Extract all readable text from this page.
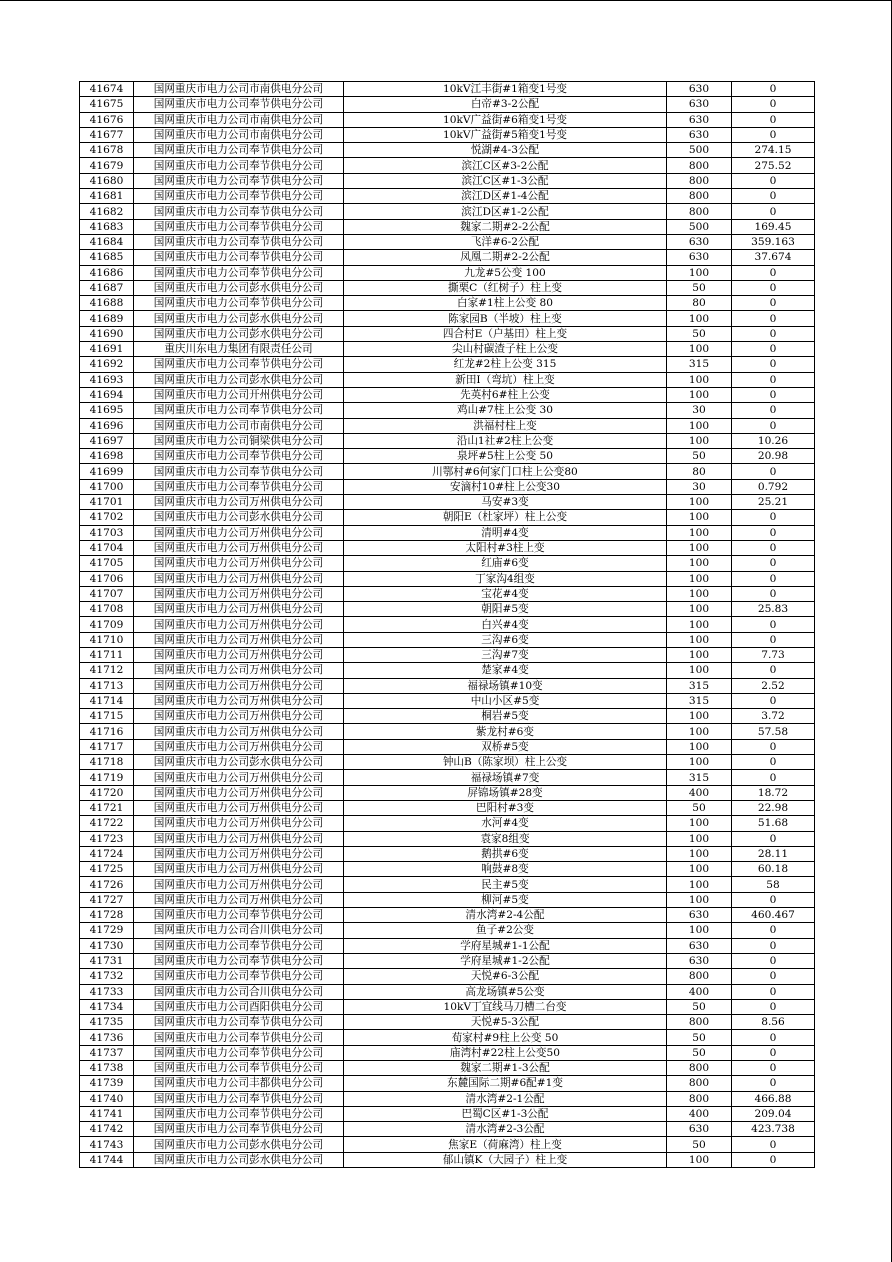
41674	国网重庆市电力公司市南供电分公司	10kV江丰街#1箱变1号变	630	0
41675	国网重庆市电力公司奉节供电分公司	白帝#3-2公配	630	0
41676	国网重庆市电力公司市南供电分公司	10kV广益街#6箱变1号变	630	0
41677	国网重庆市电力公司市南供电分公司	10kV广益街#5箱变1号变	630	0
41678	国网重庆市电力公司奉节供电分公司	悦湖#4-3公配	500	274.15
41679	国网重庆市电力公司奉节供电分公司	滨江C区#3-2公配	800	275.52
41680	国网重庆市电力公司奉节供电分公司	滨江C区#1-3公配	800	0
41681	国网重庆市电力公司奉节供电分公司	滨江D区#1-4公配	800	0
41682	国网重庆市电力公司奉节供电分公司	滨江D区#1-2公配	800	0
41683	国网重庆市电力公司奉节供电分公司	魏家二期#2-2公配	500	169.45
41684	国网重庆市电力公司奉节供电分公司	飞洋#6-2公配	630	359.163
41685	国网重庆市电力公司奉节供电分公司	凤凰二期#2-2公配	630	37.674
41686	国网重庆市电力公司奉节供电分公司	九龙#5公变 100	100	0
41687	国网重庆市电力公司彭水供电分公司	撕栗C（红树子）柱上变	50	0
41688	国网重庆市电力公司奉节供电分公司	白家#1柱上公变 80	80	0
41689	国网重庆市电力公司彭水供电分公司	陈家园B（半坡）柱上变	100	0
41690	国网重庆市电力公司彭水供电分公司	四合村E（户基田）柱上变	50	0
41691	重庆川东电力集团有限责任公司	尖山村碳渣子柱上公变	100	0
41692	国网重庆市电力公司奉节供电分公司	红龙#2柱上公变 315	315	0
41693	国网重庆市电力公司彭水供电分公司	新田I（弯坑）柱上变	100	0
41694	国网重庆市电力公司开州供电分公司	先英村6#柱上公变	100	0
41695	国网重庆市电力公司奉节供电分公司	鸡山#7柱上公变 30	30	0
41696	国网重庆市电力公司市南供电分公司	洪福村柱上变	100	0
41697	国网重庆市电力公司铜梁供电分公司	沿山1社#2柱上公变	100	10.26
41698	国网重庆市电力公司奉节供电分公司	泉坪#5柱上公变 50	50	20.98
41699	国网重庆市电力公司奉节供电分公司	川鄂村#6何家门口柱上公变80	80	0
41700	国网重庆市电力公司奉节供电分公司	安滴村10#柱上公变30	30	0.792
41701	国网重庆市电力公司万州供电分公司	马安#3变	100	25.21
41702	国网重庆市电力公司彭水供电分公司	朝阳E（杜家坪）柱上公变	100	0
41703	国网重庆市电力公司万州供电分公司	清明#4变	100	0
41704	国网重庆市电力公司万州供电分公司	太阳村#3柱上变	100	0
41705	国网重庆市电力公司万州供电分公司	红庙#6变	100	0
41706	国网重庆市电力公司万州供电分公司	丁家沟4组变	100	0
41707	国网重庆市电力公司万州供电分公司	宝花#4变	100	0
41708	国网重庆市电力公司万州供电分公司	朝阳#5变	100	25.83
41709	国网重庆市电力公司万州供电分公司	白兴#4变	100	0
41710	国网重庆市电力公司万州供电分公司	三沟#6变	100	0
41711	国网重庆市电力公司万州供电分公司	三沟#7变	100	7.73
41712	国网重庆市电力公司万州供电分公司	楚家#4变	100	0
41713	国网重庆市电力公司万州供电分公司	福禄场镇#10变	315	2.52
41714	国网重庆市电力公司万州供电分公司	中山小区#5变	315	0
41715	国网重庆市电力公司万州供电分公司	桐岩#5变	100	3.72
41716	国网重庆市电力公司万州供电分公司	紫龙村#6变	100	57.58
41717	国网重庆市电力公司万州供电分公司	双桥#5变	100	0
41718	国网重庆市电力公司彭水供电分公司	钟山B（陈家坝）柱上公变	100	0
41719	国网重庆市电力公司万州供电分公司	福禄场镇#7变	315	0
41720	国网重庆市电力公司万州供电分公司	屏锦场镇#28变	400	18.72
41721	国网重庆市电力公司万州供电分公司	巴阳村#3变	50	22.98
41722	国网重庆市电力公司万州供电分公司	水河#4变	100	51.68
41723	国网重庆市电力公司万州供电分公司	袁家8组变	100	0
41724	国网重庆市电力公司万州供电分公司	鹅拱#6变	100	28.11
41725	国网重庆市电力公司万州供电分公司	响鼓#8变	100	60.18
41726	国网重庆市电力公司万州供电分公司	民主#5变	100	58
41727	国网重庆市电力公司万州供电分公司	柳河#5变	100	0
41728	国网重庆市电力公司奉节供电分公司	清水湾#2-4公配	630	460.467
41729	国网重庆市电力公司合川供电分公司	鱼子#2公变	100	0
41730	国网重庆市电力公司奉节供电分公司	学府星城#1-1公配	630	0
41731	国网重庆市电力公司奉节供电分公司	学府星城#1-2公配	630	0
41732	国网重庆市电力公司奉节供电分公司	天悦#6-3公配	800	0
41733	国网重庆市电力公司合川供电分公司	高龙场镇#5公变	400	0
41734	国网重庆市电力公司酉阳供电分公司	10kV丁宜线马刀槽二台变	50	0
41735	国网重庆市电力公司奉节供电分公司	天悦#5-3公配	800	8.56
41736	国网重庆市电力公司奉节供电分公司	荀家村#9柱上公变 50	50	0
41737	国网重庆市电力公司奉节供电分公司	庙湾村#22柱上公变50	50	0
41738	国网重庆市电力公司奉节供电分公司	魏家二期#1-3公配	800	0
41739	国网重庆市电力公司丰都供电分公司	东麓国际二期#6配#1变	800	0
41740	国网重庆市电力公司奉节供电分公司	清水湾#2-1公配	800	466.88
41741	国网重庆市电力公司奉节供电分公司	巴蜀C区#1-3公配	400	209.04
41742	国网重庆市电力公司奉节供电分公司	清水湾#2-3公配	630	423.738
41743	国网重庆市电力公司彭水供电分公司	焦家E（荷麻湾）柱上变	50	0
41744	国网重庆市电力公司彭水供电分公司	郁山镇K（大园子）柱上变	100	0
